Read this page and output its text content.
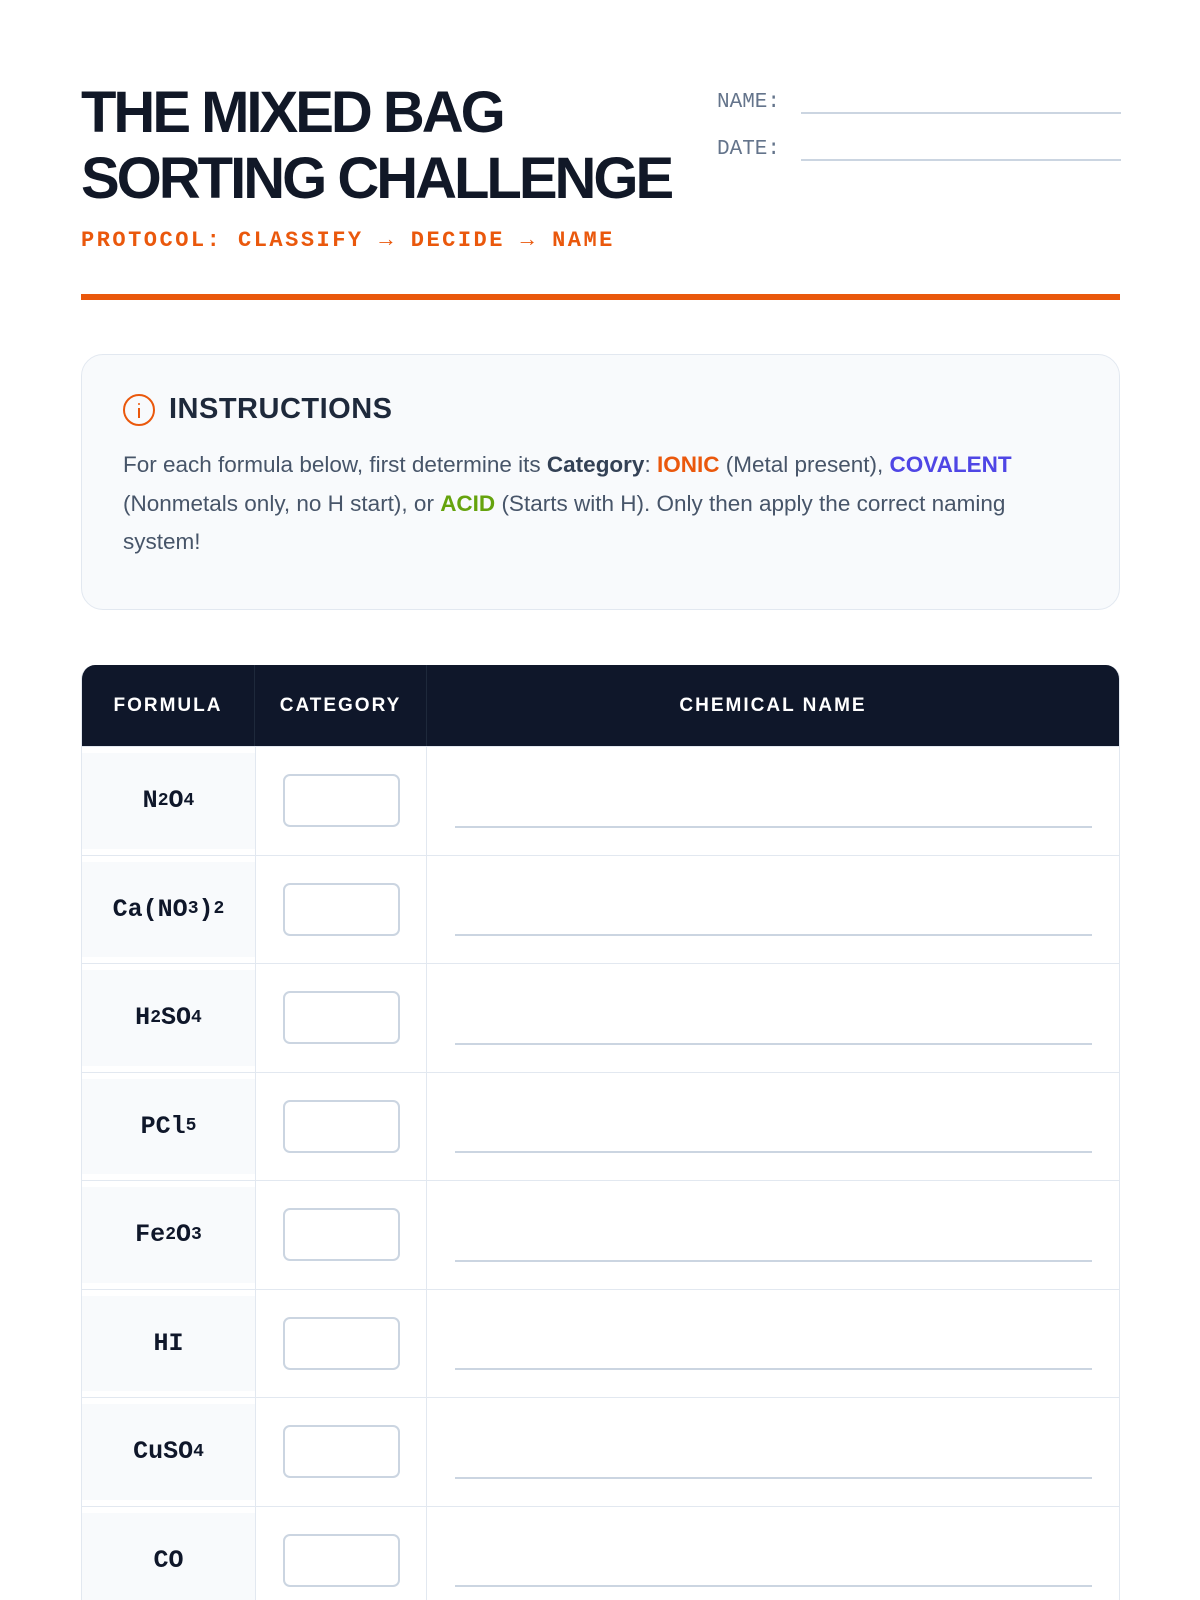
THE MIXED BAG SORTING CHALLENGE
PROTOCOL: CLASSIFY → DECIDE → NAME
NAME:
DATE:
INSTRUCTIONS

For each formula below, first determine its Category: IONIC (Metal present), COVALENT (Nonmetals only, no H start), or ACID (Starts with H). Only then apply the correct naming system!

FORMULA	CATEGORY	CHEMICAL NAME
N 2 O 4
Ca(NO 3 ) 2
H 2 SO 4
PCl 5
Fe 2 O 3
HI
CuSO 4
CO
